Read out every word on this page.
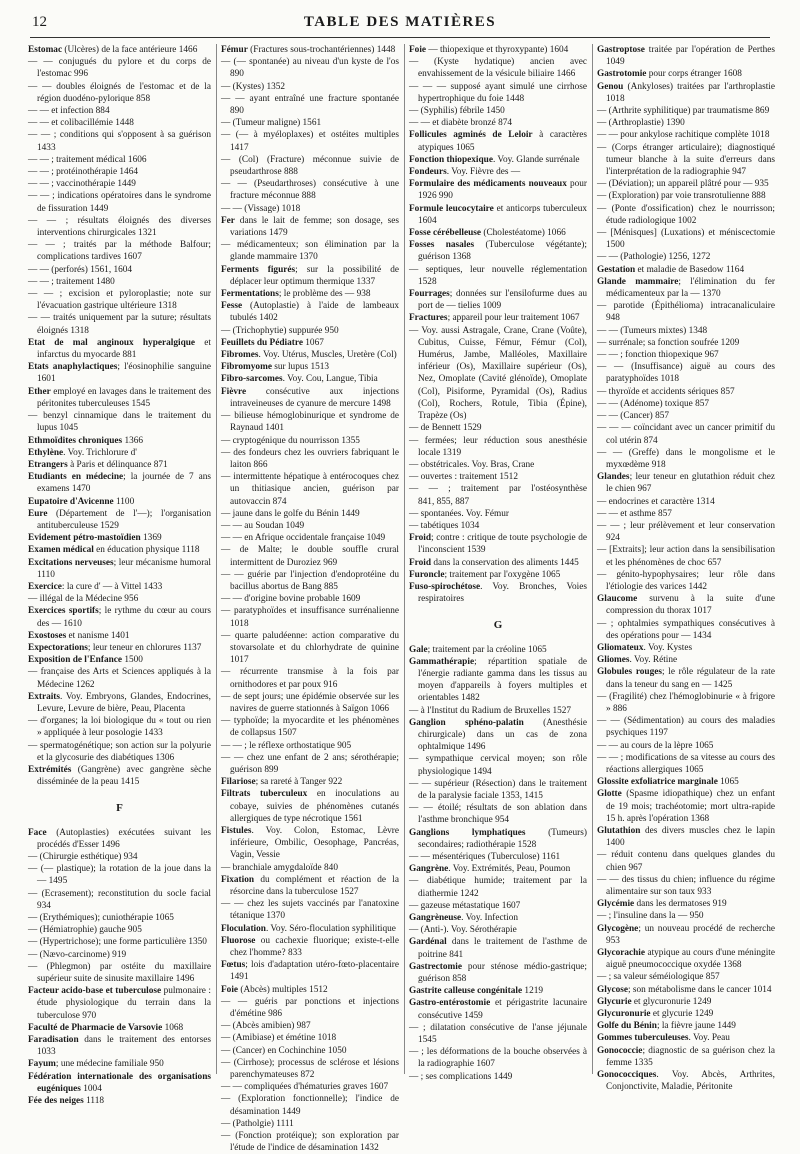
12	TABLE DES MATIÈRES
Estomac (Ulcères) de la face antérieure 1466
— — conjugués du pylore et du corps de l'estomac 996
— — doubles éloignés de l'estomac et de la région duodéno-pylorique 858
— — et infection 884
— — et colibacillémie 1448
— — ; conditions qui s'opposent à sa guérison 1433
— — ; traitement médical 1606
— — ; protéinothérapie 1464
— — ; vaccinothérapie 1449
— — ; indications opératoires dans le syndrome de fissuration 1449
— — ; résultats éloignés des diverses interventions chirurgicales 1321
— — ; traités par la méthode Balfour; complications tardives 1607
— — (perforés) 1561, 1604
— — ; traitement 1480
— — ; excision et pyloroplastie; note sur l'évacuation gastrique ultérieure 1318
— — traités uniquement par la suture; résultats éloignés 1318
Etat de mal anginoux hyperalgique et infarctus du myocarde 881
Etats anaphylactiques; l'éosinophilie sanguine 1601
Ether employé en lavages dans le traitement des péritonites tuberculeuses 1545
— benzyl cinnamique dans le traitement du lupus 1045
Ethmoïdites chroniques 1366
Ethylène. Voy. Trichlorure d'
Etrangers à Paris et délinquance 871
Etudiants en médecine; la journée de 7 ans examens 1470
Eupatoire d'Avicenne 1100
Eure (Département de l'—); l'organisation antituberculeuse 1529
Evidement pétro-mastoïdien 1369
Examen médical en éducation physique 1118
Excitations nerveuses; leur mécanisme humoral 1110
Exercice: la cure d' — à Vittel 1433
— illégal de la Médecine 956
Exercices sportifs; le rythme du cœur au cours des — 1610
Exostoses et nanisme 1401
Expectorations; leur teneur en chlorures 1137
Exposition de l'Enfance 1500
— française des Arts et Sciences appliqués à la Médecine 1262
Extraits. Voy. Embryons, Glandes, Endocrines, Levure, Levure de bière, Peau, Placenta
— d'organes; la loi biologique du « tout ou rien » appliquée à leur posologie 1433
— spermatogénétique; son action sur la polyurie et la glycosurie des diabétiques 1306
Extrémités (Gangrène) avec gangrène sèche disséminée de la peau 1415
F
Face (Autoplasties) exécutées suivant les procédés d'Esser 1496
— (Chirurgie esthétique) 934
— (— plastique); la rotation de la joue dans la — 1495
— (Ecrasement); reconstitution du socle facial 934
— (Erythémiques); cuniothérapie 1065
— (Hémiatrophie) gauche 905
— (Hypertrichose); une forme particulière 1350
— (Nævo-carcinome) 919
— (Phlegmon) par ostéite du maxillaire supérieur suite de sinusite maxillaire 1496
Facteur acido-base et tuberculose pulmonaire : étude physiologique du terrain dans la tuberculose 970
Faculté de Pharmacie de Varsovie 1068
Faradisation dans le traitement des entorses 1033
Fayum; une médecine familiale 950
Fédération internationale des organisations eugéniques 1004
Fée des neiges 1118
Fémur (Fractures sous-trochantériennes) 1448
— (— spontanée) au niveau d'un kyste de l'os 890
— (Kystes) 1352
— — ayant entraîné une fracture spontanée 890
— (Tumeur maligne) 1561
— (— à myéloplaxes) et ostéites multiples 1417
— (Col) (Fracture) méconnue suivie de pseudarthrose 888
— — (Pseudarthroses) consécutive à une fracture méconnue 888
— — (Vissage) 1018
Fer dans le lait de femme; son dosage, ses variations 1479
— médicamenteux; son élimination par la glande mammaire 1370
Ferments figurés; sur la possibilité de déplacer leur optimum thermique 1337
Fermentations; le problème des — 938
Fesse (Autoplastie) à l'aide de lambeaux tubulés 1402
— (Trichophytie) suppurée 950
Feuillets du Pédiatre 1067
Fibromes. Voy. Utérus, Muscles, Uretère (Col)
Fibromyome sur lupus 1513
Fibro-sarcomes. Voy. Cou, Langue, Tibia
Fièvre consécutive aux injections intraveineuses de cyanure de mercure 1498
— bilieuse hémoglobinurique et syndrome de Raynaud 1401
— cryptogénique du nourrisson 1355
— des fondeurs chez les ouvriers fabriquant le laiton 866
— intermittente hépatique à entérocoques chez un thitiasique ancien, guérison par autovaccin 874
— jaune dans le golfe du Bénin 1449
— — au Soudan 1049
— — en Afrique occidentale française 1049
— de Malte; le double souffle crural intermittent de Duroziez 969
— — guérie par l'injection d'endoprotéine du bacillus abortus de Bang 885
— — d'origine bovine probable 1609
— paratyphoïdes et insuffisance surrénalienne 1018
— quarte paludéenne: action comparative du stovarsolate et du chlorhydrate de quinine 1017
— récurrente transmise à la fois par ornithodores et par poux 916
— de sept jours; une épidémie observée sur les navires de guerre stationnés à Saïgon 1066
— typhoïde; la myocardite et les phénomènes de collapsus 1507
— — ; le réflexe orthostatique 905
— — chez une enfant de 2 ans; sérothérapie; guérison 899
Filariose; sa rareté à Tanger 922
Filtrats tuberculeux en inoculations au cobaye, suivies de phénomènes cutanés allergiques de type nécrotique 1561
Fistules. Voy. Colon, Estomac, Lèvre inférieure, Ombilic, Oesophage, Pancréas, Vagin, Vessie
— branchiale amygdaloïde 840
Fixation du complément et réaction de la résorcine dans la tuberculose 1527
— — chez les sujets vaccinés par l'anatoxine tétanique 1370
Floculation. Voy. Séro-floculation syphilitique
Fluorose ou cachexie fluorique; existe-t-elle chez l'homme? 833
Fœtus; lois d'adaptation utéro-fœto-placentaire 1491
Foie (Abcès) multiples 1512
— — guéris par ponctions et injections d'émétine 986
— (Abcès amibien) 987
— (Amibiase) et émétine 1018
— (Cancer) en Cochinchine 1050
— (Cirrhose); processus de sclérose et lésions parenchymateuses 872
— — compliquées d'hématuries graves 1607
— (Exploration fonctionnelle); l'indice de désamination 1449
— (Patholgie) 1111
— (Fonction protéique); son exploration par l'étude de l'indice de désamination 1432
Foie — thiopexique et thyroxypante) 1604
— (Kyste hydatique) ancien avec envahissement de la vésicule biliaire 1466
— — — supposé ayant simulé une cirrhose hypertrophique du foie 1448
— (Syphilis) fébrile 1450
— — et diabète bronzé 874
Follicules agminés de Leloir à caractères atypiques 1065
Fonction thiopexique. Voy. Glande surrénale
Fondeurs. Voy. Fièvre des —
Formulaire des médicaments nouveaux pour 1926 990
Formule leucocytaire et anticorps tuberculeux 1604
Fosse cérébelleuse (Cholestéatome) 1066
Fosses nasales (Tuberculose végétante); guérison 1368
— septiques, leur nouvelle réglementation 1528
Fourrages; données sur l'ensilofurme dues au port de — tielies 1009
Fractures; appareil pour leur traitement 1067
— Voy. aussi Astragale, Crane, Crane (Voûte), Cubitus, Cuisse, Fémur, Fémur (Col), Humérus, Jambe, Malléoles, Maxillaire inférieur (Os), Maxillaire supérieur (Os), Nez, Omoplate (Cavité glénoïde), Omoplate (Col), Pisiforme, Pyramidal (Os), Radius (Col), Rochers, Rotule, Tibia (Épine), Trapèze (Os)
— de Bennett 1529
— fermées; leur réduction sous anesthésie locale 1319
— obstétricales. Voy. Bras, Crane
— ouvertes : traitement 1512
— — ; traitement par l'ostéosynthèse 841, 855, 887
— spontanées. Voy. Fémur
— tabétiques 1034
Froid; contre : critique de toute psychologie de l'inconscient 1539
Froid dans la conservation des aliments 1445
Furoncle; traitement par l'oxygène 1065
Fuso-spirochétose. Voy. Bronches, Voies respiratoires
G
Gale; traitement par la créoline 1065
Gammathérapie; répartition spatiale de l'énergie radiante gamma dans les tissus au moyen d'appareils à foyers multiples et orientables 1482
— à l'Institut du Radium de Bruxelles 1527
Ganglion sphéno-palatin (Anesthésie chirurgicale) dans un cas de zona ophtalmique 1496
— sympathique cervical moyen; son rôle physiologique 1494
— — supérieur (Résection) dans le traitement de la paralysie faciale 1353, 1415
— — étoilé; résultats de son ablation dans l'asthme bronchique 954
Ganglions lymphatiques (Tumeurs) secondaires; radiothérapie 1528
— — mésentériques (Tuberculose) 1161
Gangrène. Voy. Extrémités, Peau, Poumon
— diabétique humide; traitement par la diathermie 1242
— gazeuse métastatique 1607
Gangrèneuse. Voy. Infection
— (Anti-). Voy. Sérothérapie
Gardénal dans le traitement de l'asthme de poitrine 841
Gastrectomie pour sténose médio-gastrique; guérison 858
Gastrite calleuse congénitale 1219
Gastro-entérostomie et périgastrite lacunaire consécutive 1459
— ; dilatation consécutive de l'anse jéjunale 1545
— ; les déformations de la bouche observées à la radiographie 1607
— ; ses complications 1449
Gastroptose traitée par l'opération de Perthes 1049
Gastrotomie pour corps étranger 1608
Genou (Ankyloses) traitées par l'arthroplastie 1018
— (Arthrite syphilitique) par traumatisme 869
— (Arthroplastie) 1390
— — pour ankylose rachitique complète 1018
— (Corps étranger articulaire); diagnostiqué tumeur blanche à la suite d'erreurs dans l'interprétation de la radiographie 947
— (Déviation); un appareil plâtré pour — 935
— (Exploration) par voie transrotulienne 888
— (Ponte d'ossification) chez le nourrisson; étude radiologique 1002
— [Ménisques] (Luxations) et méniscectomie 1500
— — (Pathologie) 1256, 1272
Gestation et maladie de Basedow 1164
Glande mammaire; l'élimination du fer médicamenteux par la — 1370
— parotide (Épithélioma) intracanaliculaire 948
— — (Tumeurs mixtes) 1348
— surrénale; sa fonction soufrée 1209
— — ; fonction thiopexique 967
— — (Insuffisance) aiguë au cours des paratyphoïdes 1018
— thyroïde et accidents sériques 857
— — (Adénome) toxique 857
— — (Cancer) 857
— — — coïncidant avec un cancer primitif du col utérin 874
— — (Greffe) dans le mongolisme et le myxœdème 918
Glandes; leur teneur en glutathion réduit chez le chien 967
— endocrines et caractère 1314
— — et asthme 857
— — ; leur prélèvement et leur conservation 924
— [Extraits]; leur action dans la sensibilisation et les phénomènes de choc 657
— génito-hypophysaires; leur rôle dans l'étiologie des varices 1442
Glaucome survenu à la suite d'une compression du thorax 1017
— ; ophtalmies sympathiques consécutives à des opérations pour — 1434
Gliomateux. Voy. Kystes
Gliomes. Voy. Rétine
Globules rouges; le rôle régulateur de la rate dans la teneur du sang en — 1425
— (Fragilité) chez l'hémoglobinurie « à frigore » 886
— — (Sédimentation) au cours des maladies psychiques 1197
— — au cours de la lèpre 1065
— — ; modifications de sa vitesse au cours des réactions allergiques 1065
Glossite exfoliatrice marginale 1065
Glotte (Spasme idiopathique) chez un enfant de 19 mois; trachéotomie; mort ultra-rapide 15 h. après l'opération 1368
Glutathion des divers muscles chez le lapin 1400
— réduit contenu dans quelques glandes du chien 967
— — des tissus du chien; influence du régime alimentaire sur son taux 933
Glycémie dans les dermatoses 919
— ; l'insuline dans la — 950
Glycogène; un nouveau procédé de recherche 953
Glycorachie atypique au cours d'une méningite aiguë pneumococcique oxydée 1368
— ; sa valeur séméiologique 857
Glycose; son métabolisme dans le cancer 1014
Glycurie et glycuronurie 1249
Glycuronurie et glycurie 1249
Golfe du Bénin; la fièvre jaune 1449
Gommes tuberculeuses. Voy. Peau
Gonococcie; diagnostic de sa guérison chez la femme 1335
Gonococciques. Voy. Abcès, Arthrites, Conjonctivite, Maladie, Péritonite
